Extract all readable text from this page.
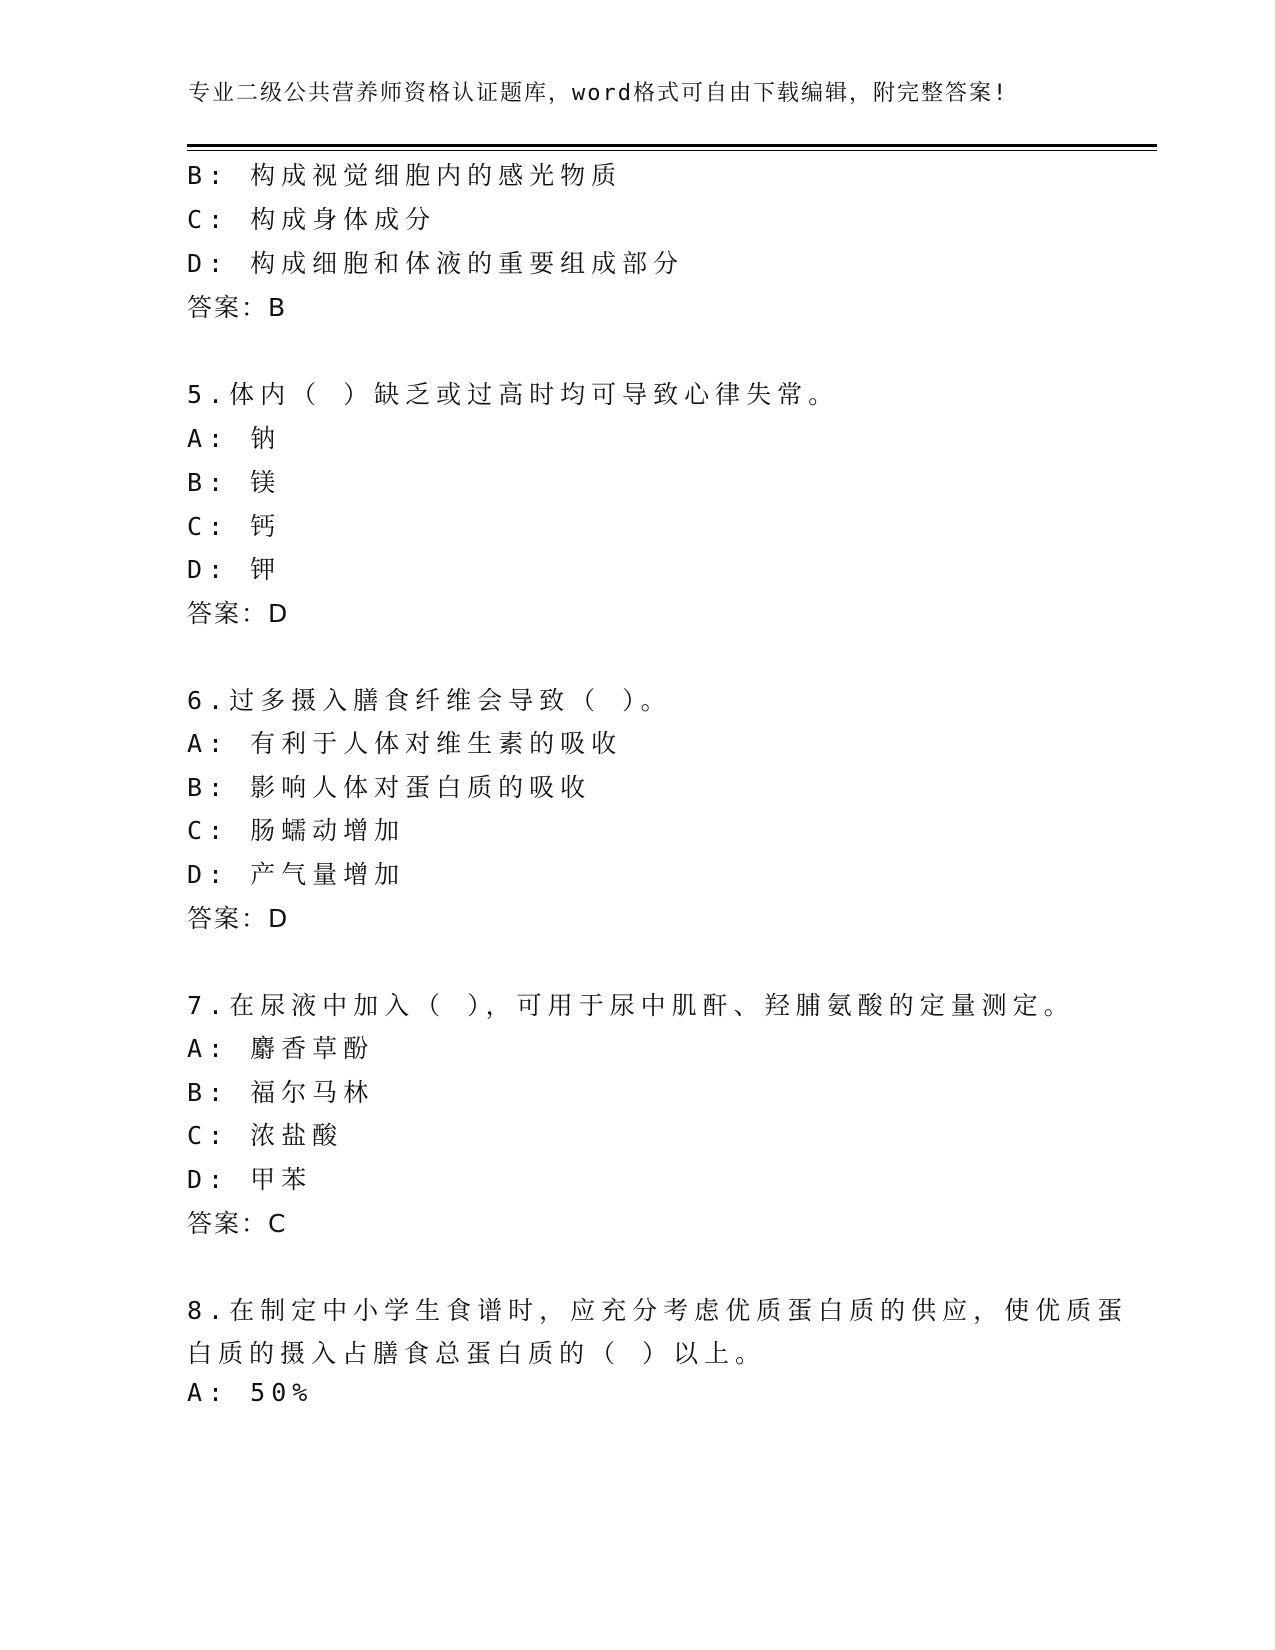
专业二级公共营养师资格认证题库，word格式可自由下载编辑，附完整答案!
B: 构成视觉细胞内的感光物质
C: 构成身体成分
D: 构成细胞和体液的重要组成部分
答案：B
5.体内（ ）缺乏或过高时均可导致心律失常。
A: 钠
B: 镁
C: 钙
D: 钾
答案：D
6.过多摄入膳食纤维会导致（ ）。
A: 有利于人体对维生素的吸收
B: 影响人体对蛋白质的吸收
C: 肠蠕动增加
D: 产气量增加
答案：D
7.在尿液中加入（ ），可用于尿中肌酐、羟脯氨酸的定量测定。
A: 麝香草酚
B: 福尔马林
C: 浓盐酸
D: 甲苯
答案：C
8.在制定中小学生食谱时，应充分考虑优质蛋白质的供应，使优质蛋
白质的摄入占膳食总蛋白质的（ ）以上。
A: 50%
